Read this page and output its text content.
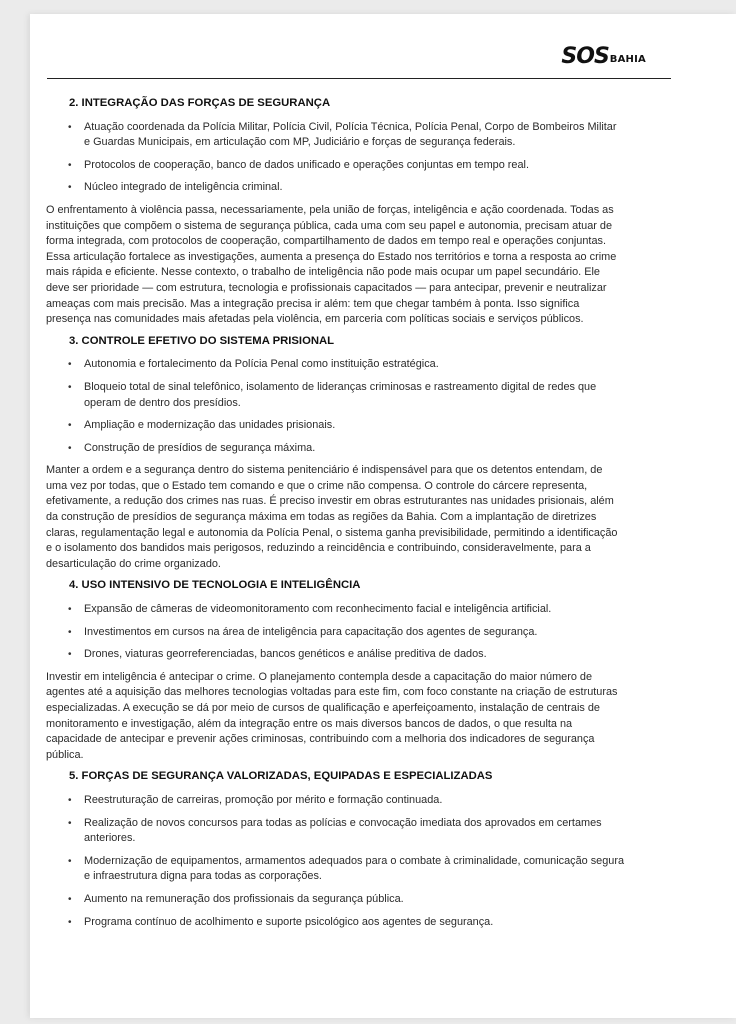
SOS BAHIA
2. INTEGRAÇÃO DAS FORÇAS DE SEGURANÇA
• Atuação coordenada da Polícia Militar, Polícia Civil, Polícia Técnica, Polícia Penal, Corpo de Bombeiros Militar e Guardas Municipais, em articulação com MP, Judiciário e forças de segurança federais.
• Protocolos de cooperação, banco de dados unificado e operações conjuntas em tempo real.
• Núcleo integrado de inteligência criminal.

O enfrentamento à violência passa, necessariamente, pela união de forças, inteligência e ação coordenada. Todas as instituições que compõem o sistema de segurança pública, cada uma com seu papel e autonomia, precisam atuar de forma integrada, com protocolos de cooperação, compartilhamento de dados em tempo real e operações conjuntas. Essa articulação fortalece as investigações, aumenta a presença do Estado nos territórios e torna a resposta ao crime mais rápida e eficiente. Nesse contexto, o trabalho de inteligência não pode mais ocupar um papel secundário. Ele deve ser prioridade — com estrutura, tecnologia e profissionais capacitados — para antecipar, prevenir e neutralizar ameaças com mais precisão. Mas a integração precisa ir além: tem que chegar também à ponta. Isso significa presença nas comunidades mais afetadas pela violência, em parceria com políticas sociais e serviços públicos.

3. CONTROLE EFETIVO DO SISTEMA PRISIONAL
• Autonomia e fortalecimento da Polícia Penal como instituição estratégica.
• Bloqueio total de sinal telefônico, isolamento de lideranças criminosas e rastreamento digital de redes que operam de dentro dos presídios.
• Ampliação e modernização das unidades prisionais.
• Construção de presídios de segurança máxima.

Manter a ordem e a segurança dentro do sistema penitenciário é indispensável para que os detentos entendam, de uma vez por todas, que o Estado tem comando e que o crime não compensa. O controle do cárcere representa, efetivamente, a redução dos crimes nas ruas. É preciso investir em obras estruturantes nas unidades prisionais, além da construção de presídios de segurança máxima em todas as regiões da Bahia. Com a implantação de diretrizes claras, regulamentação legal e autonomia da Polícia Penal, o sistema ganha previsibilidade, permitindo a identificação e o isolamento dos bandidos mais perigosos, reduzindo a reincidência e contribuindo, consideravelmente, para a desarticulação do crime organizado.

4. USO INTENSIVO DE TECNOLOGIA E INTELIGÊNCIA
• Expansão de câmeras de videomonitoramento com reconhecimento facial e inteligência artificial.
• Investimentos em cursos na área de inteligência para capacitação dos agentes de segurança.
• Drones, viaturas georreferenciadas, bancos genéticos e análise preditiva de dados.

Investir em inteligência é antecipar o crime. O planejamento contempla desde a capacitação do maior número de agentes até a aquisição das melhores tecnologias voltadas para este fim, com foco constante na criação de estruturas especializadas. A execução se dá por meio de cursos de qualificação e aperfeiçoamento, instalação de centrais de monitoramento e investigação, além da integração entre os mais diversos bancos de dados, o que resulta na capacidade de antecipar e prevenir ações criminosas, contribuindo com a melhoria dos indicadores de segurança pública.

5. FORÇAS DE SEGURANÇA VALORIZADAS, EQUIPADAS E ESPECIALIZADAS
• Reestruturação de carreiras, promoção por mérito e formação continuada.
• Realização de novos concursos para todas as polícias e convocação imediata dos aprovados em certames anteriores.
• Modernização de equipamentos, armamentos adequados para o combate à criminalidade, comunicação segura e infraestrutura digna para todas as corporações.
• Aumento na remuneração dos profissionais da segurança pública.
• Programa contínuo de acolhimento e suporte psicológico aos agentes de segurança.
